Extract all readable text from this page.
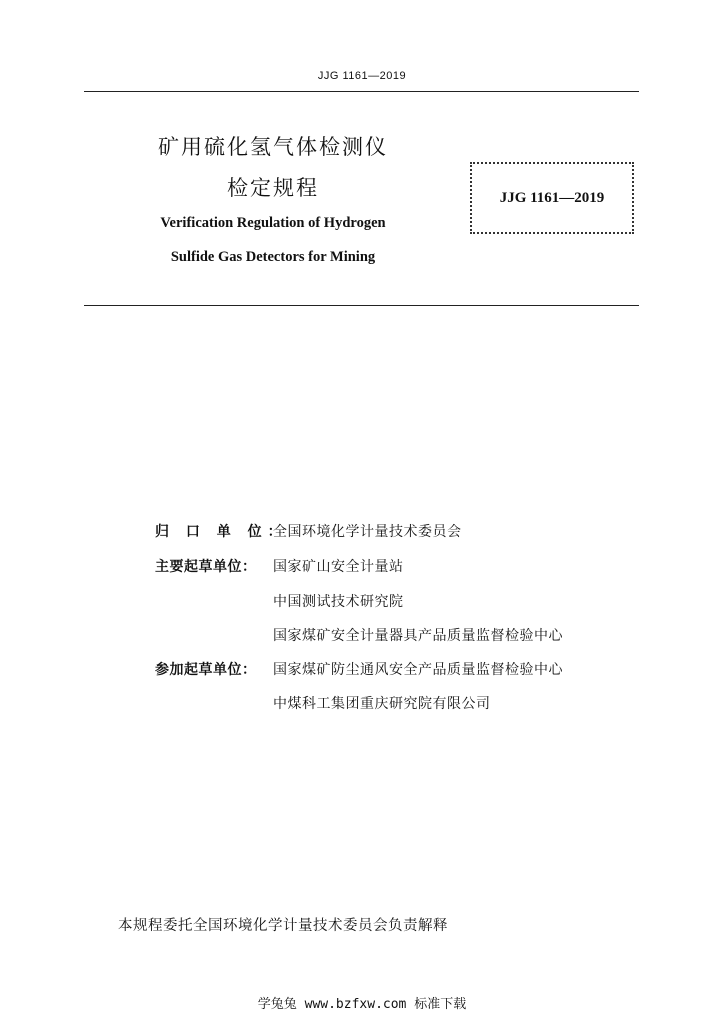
JJG 1161—2019
矿用硫化氢气体检测仪
检定规程
Verification Regulation of Hydrogen
Sulfide Gas Detectors for Mining
JJG 1161—2019
归 口 单 位：
全国环境化学计量技术委员会
主要起草单位：	国家矿山安全计量站
中国测试技术研究院
国家煤矿安全计量器具产品质量监督检验中心
参加起草单位：	国家煤矿防尘通风安全产品质量监督检验中心
中煤科工集团重庆研究院有限公司
本规程委托全国环境化学计量技术委员会负责解释
学兔兔 www.bzfxw.com 标准下载
